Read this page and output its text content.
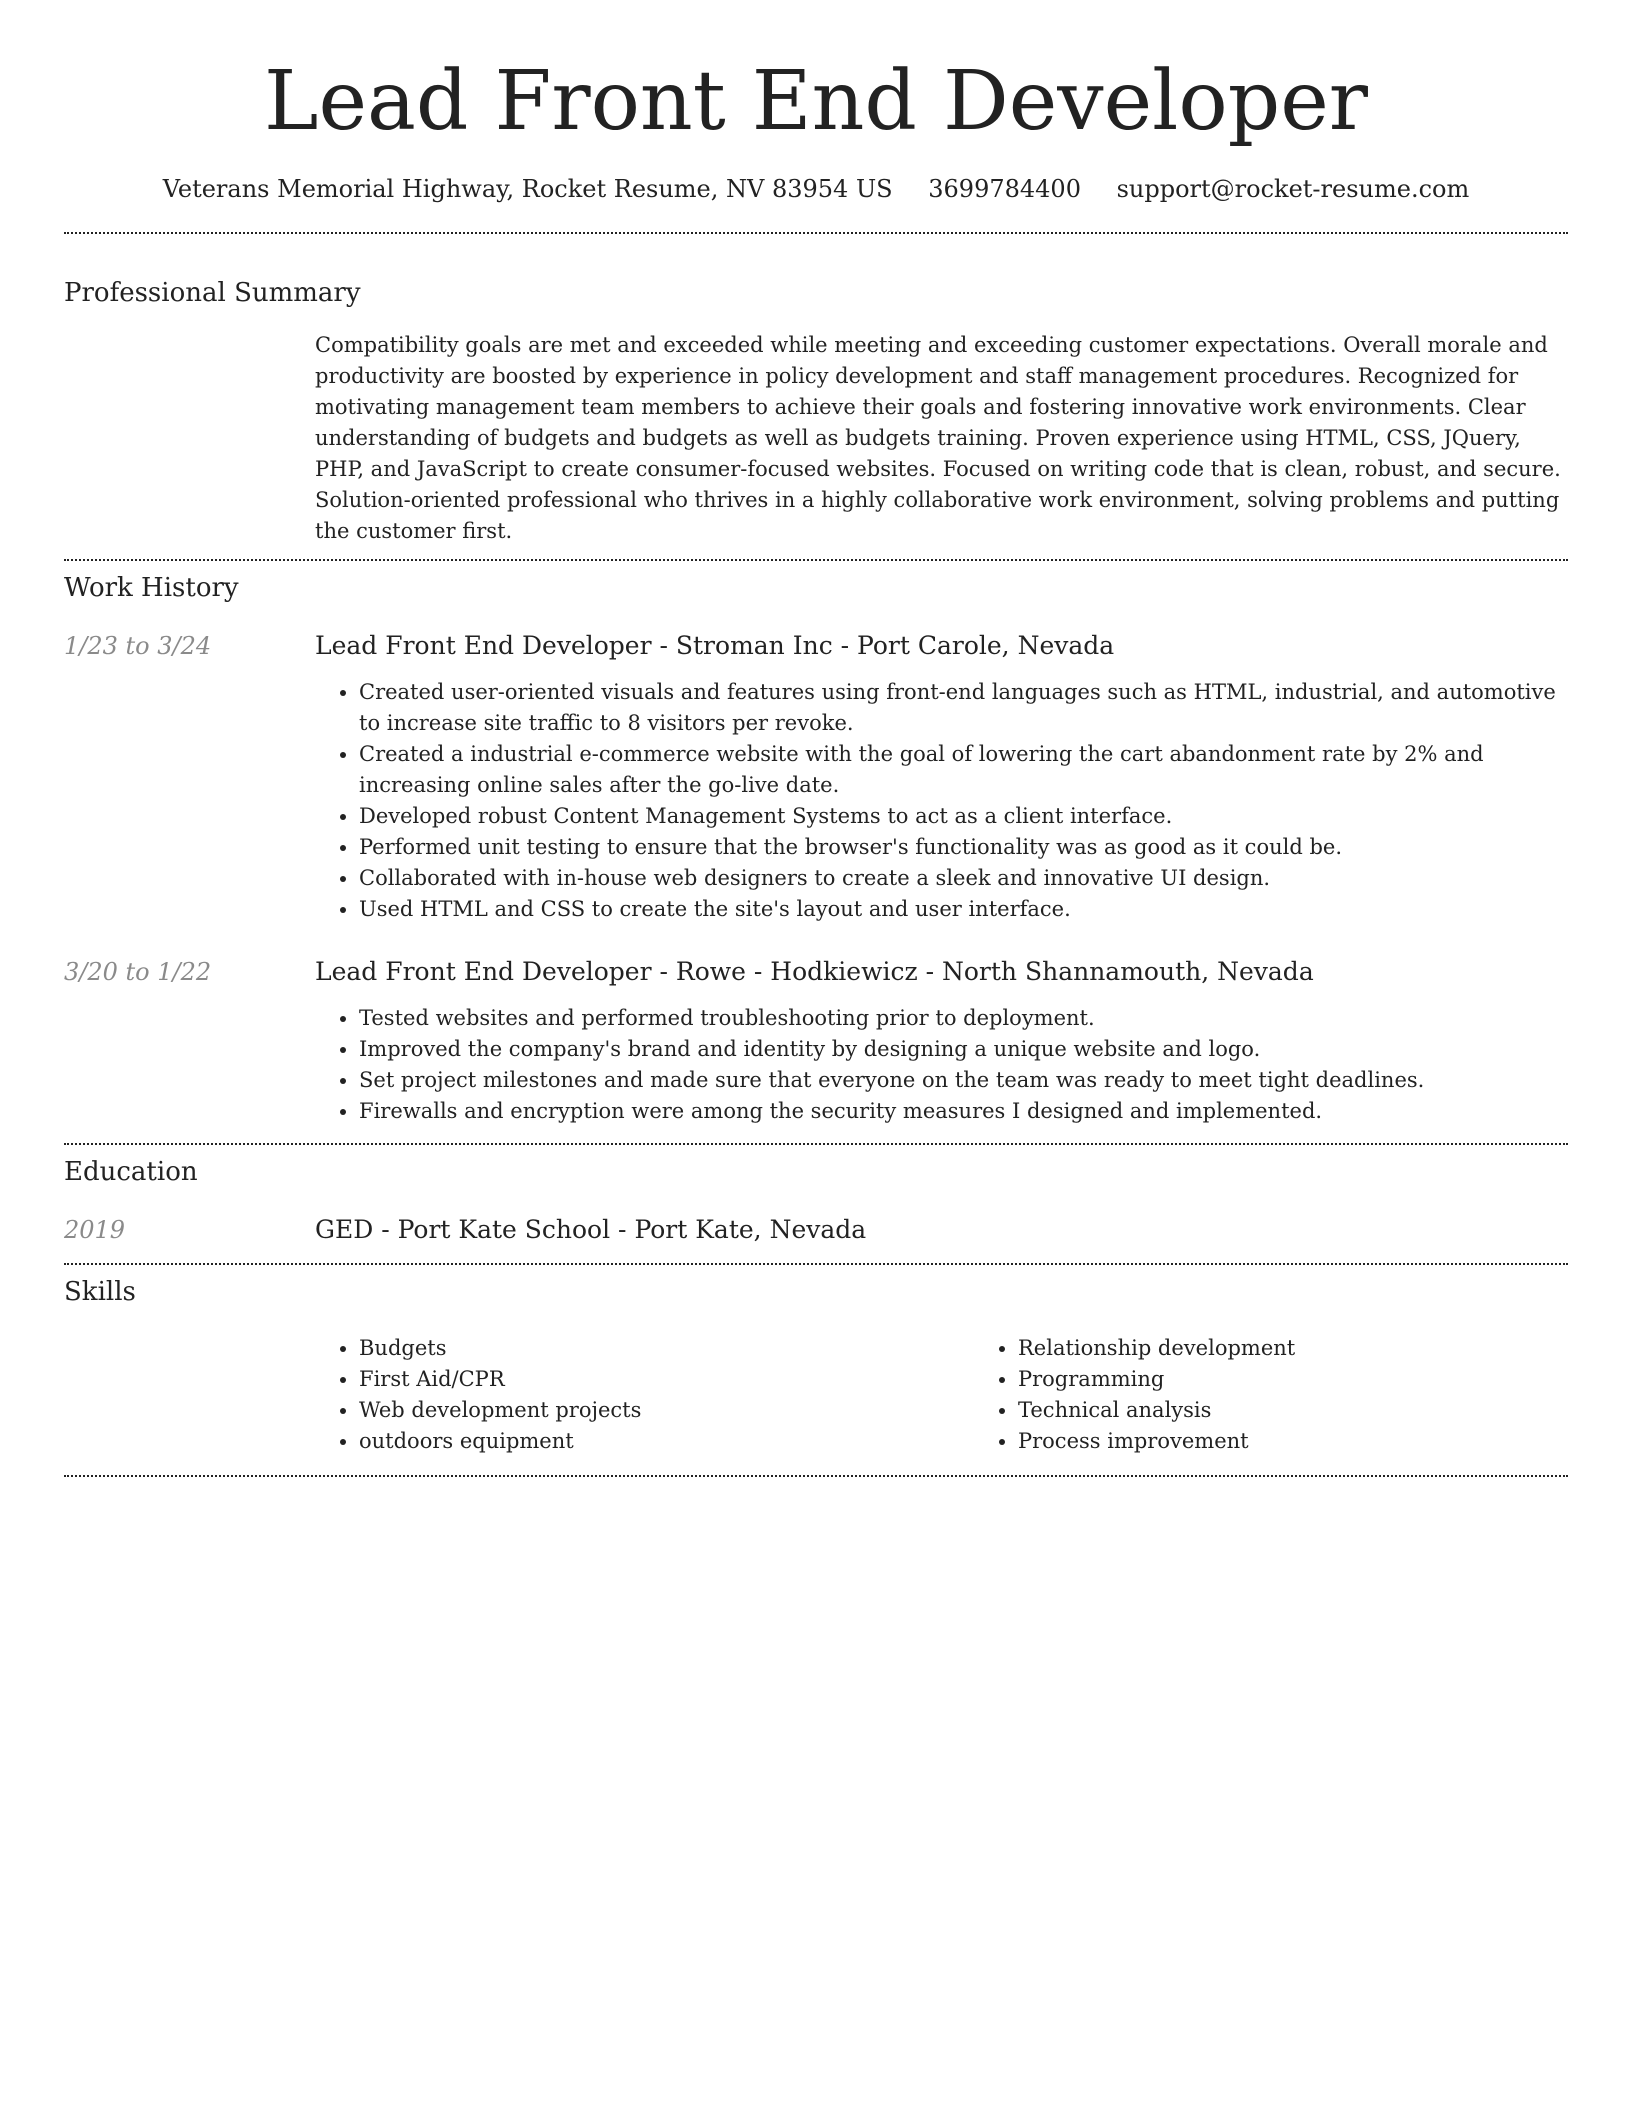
Lead Front End Developer
Veterans Memorial Highway, Rocket Resume, NV 83954 US 3699784400 support@rocket-resume.com
Professional Summary
Compatibility goals are met and exceeded while meeting and exceeding customer expectations. Overall morale and productivity are boosted by experience in policy development and staff management procedures. Recognized for motivating management team members to achieve their goals and fostering innovative work environments. Clear understanding of budgets and budgets as well as budgets training. Proven experience using HTML, CSS, JQuery, PHP, and JavaScript to create consumer-focused websites. Focused on writing code that is clean, robust, and secure. Solution-oriented professional who thrives in a highly collaborative work environment, solving problems and putting the customer first.
Work History
1/23 to 3/24	Lead Front End Developer - Stroman Inc - Port Carole, Nevada
• Created user-oriented visuals and features using front-end languages such as HTML, industrial, and automotive to increase site traffic to 8 visitors per revoke.
• Created a industrial e-commerce website with the goal of lowering the cart abandonment rate by 2% and increasing online sales after the go-live date.
• Developed robust Content Management Systems to act as a client interface.
• Performed unit testing to ensure that the browser's functionality was as good as it could be.
• Collaborated with in-house web designers to create a sleek and innovative UI design.
• Used HTML and CSS to create the site's layout and user interface.
3/20 to 1/22	Lead Front End Developer - Rowe - Hodkiewicz - North Shannamouth, Nevada
• Tested websites and performed troubleshooting prior to deployment.
• Improved the company's brand and identity by designing a unique website and logo.
• Set project milestones and made sure that everyone on the team was ready to meet tight deadlines.
• Firewalls and encryption were among the security measures I designed and implemented.
Education
2019	GED - Port Kate School - Port Kate, Nevada
Skills
• Budgets
• First Aid/CPR
• Web development projects
• outdoors equipment
• Relationship development
• Programming
• Technical analysis
• Process improvement
